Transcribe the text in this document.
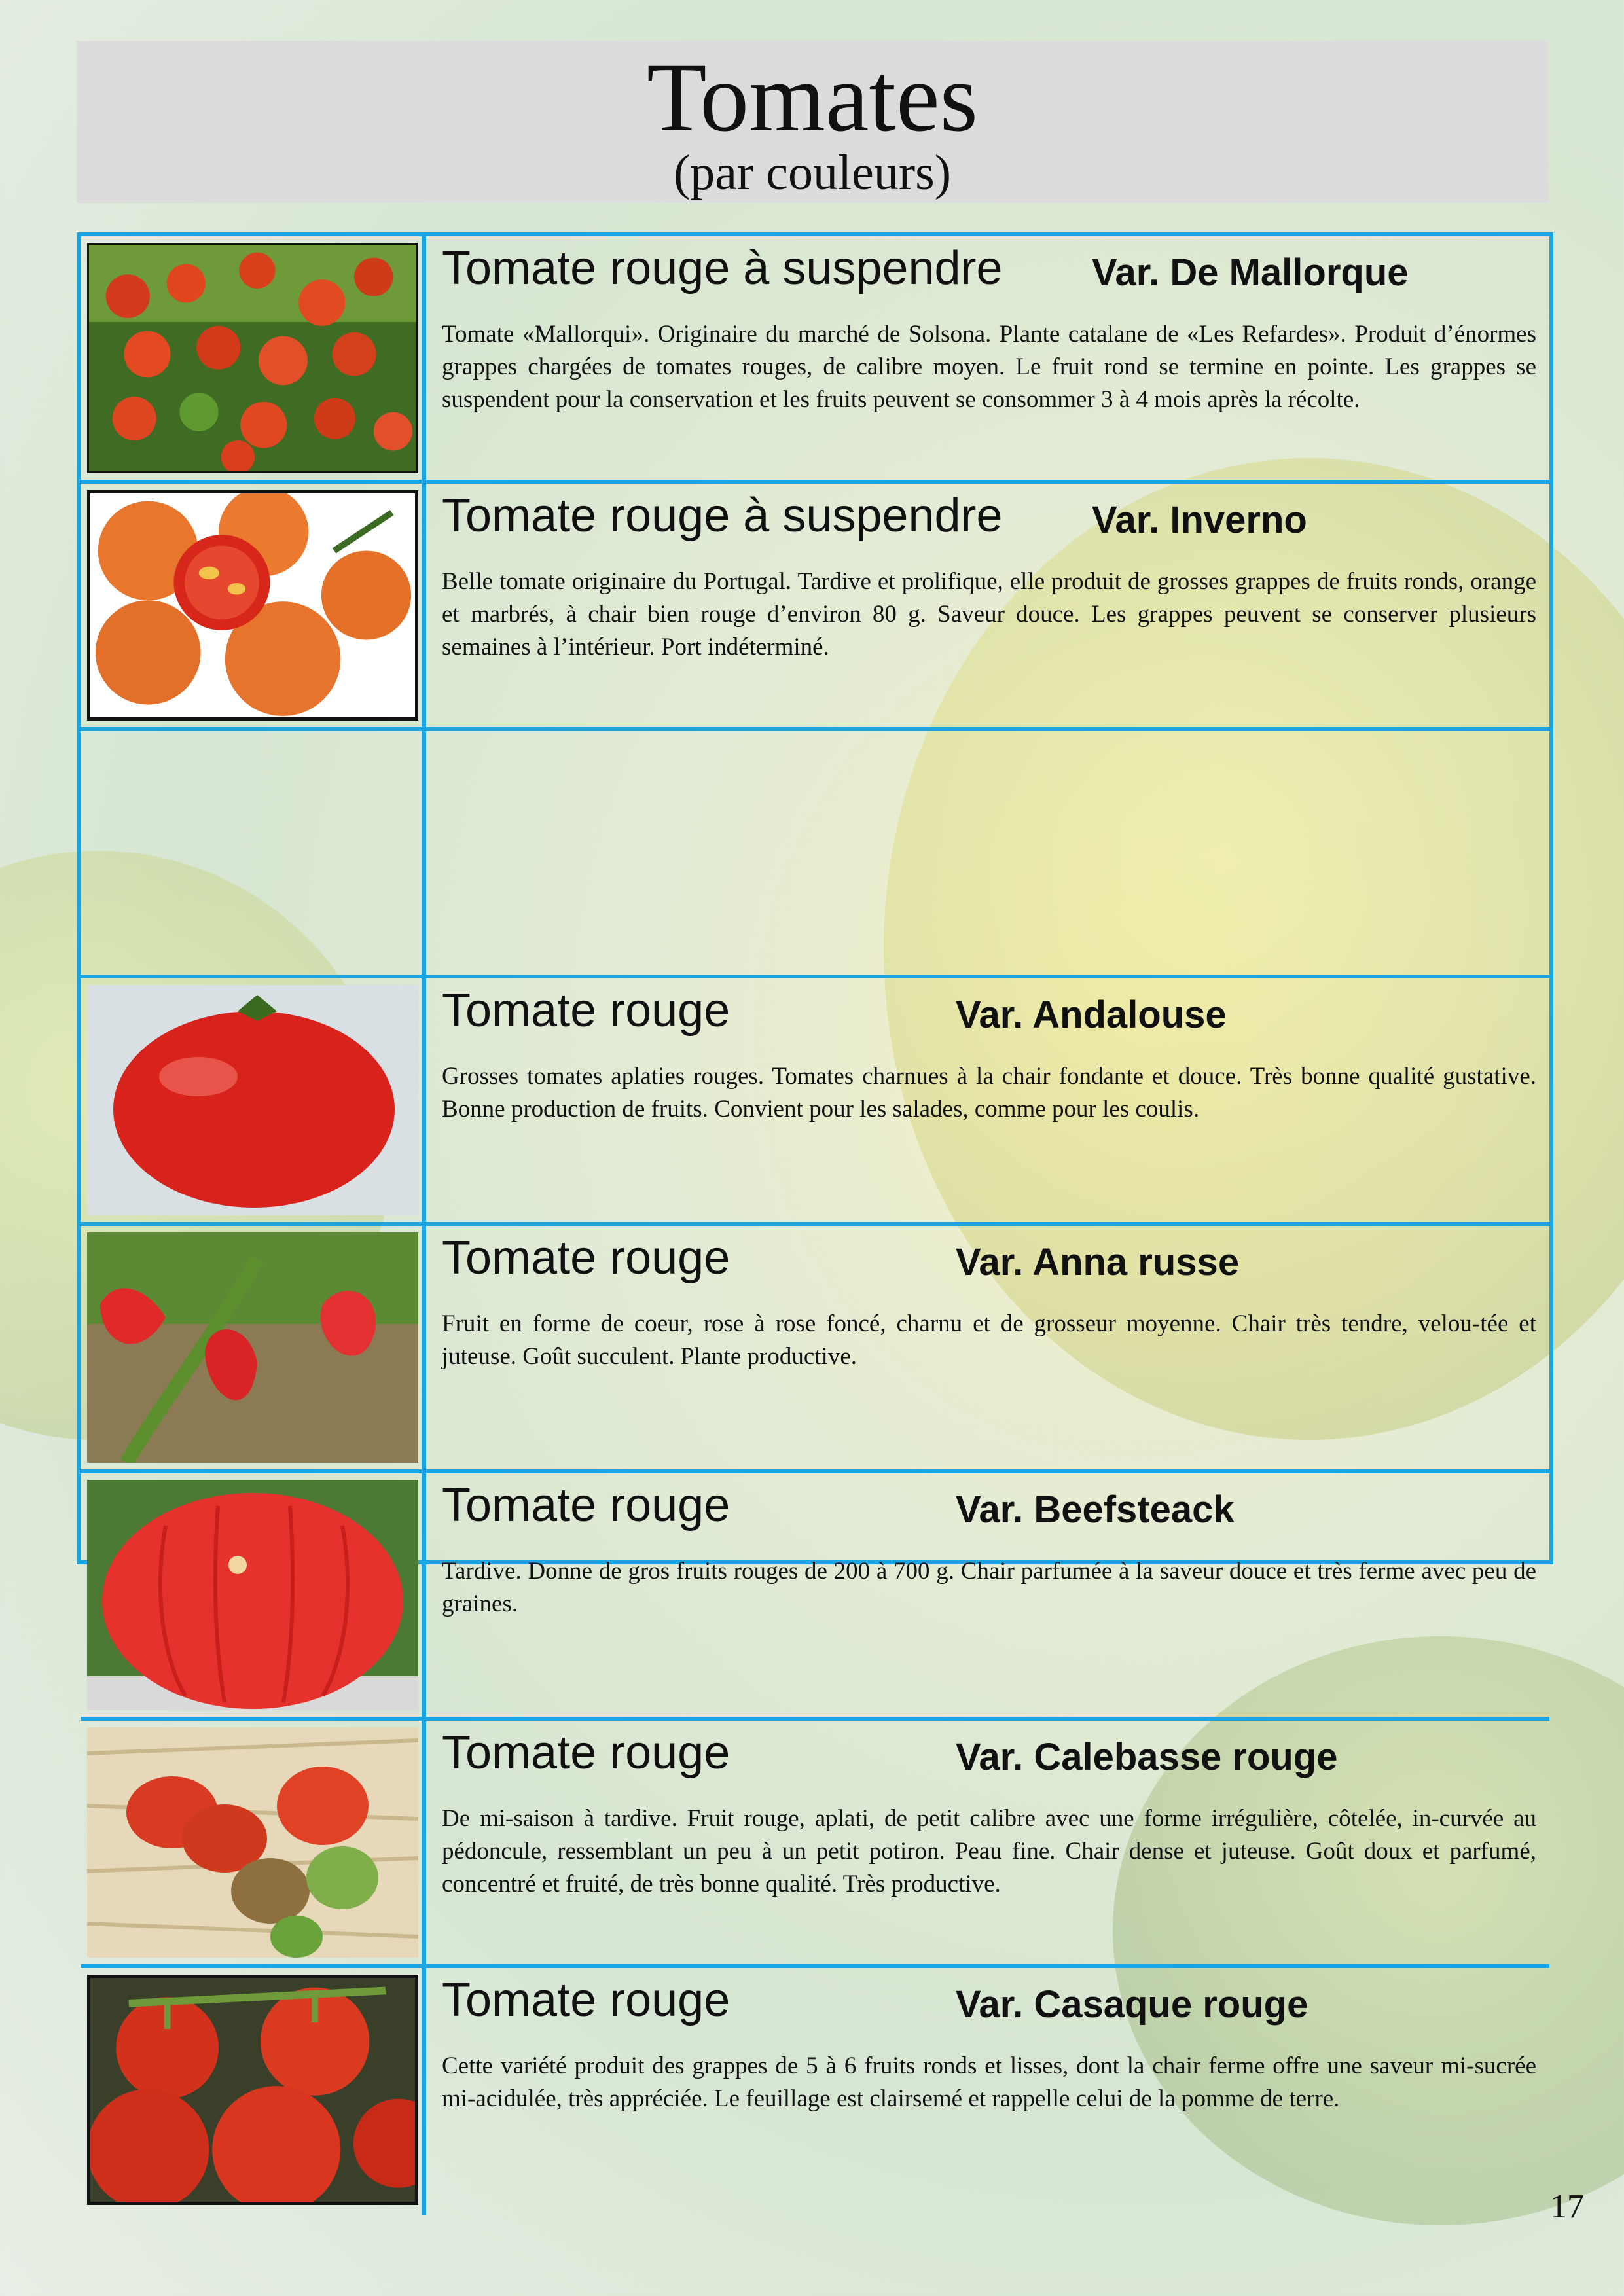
Tomates
(par couleurs)
Tomate rouge à suspendre Var. De Mallorque
Tomate «Mallorqui». Originaire du marché de Solsona. Plante catalane de «Les Refardes». Produit d’énormes grappes chargées de tomates rouges, de calibre moyen. Le fruit rond se termine en pointe. Les grappes se suspendent pour la conservation et les fruits peuvent se consommer 3 à 4 mois après la récolte.
Tomate rouge à suspendre Var. Inverno
Belle tomate originaire du Portugal. Tardive et prolifique, elle produit de grosses grappes de fruits ronds, orange et marbrés, à chair bien rouge d’environ 80 g. Saveur douce. Les grappes peuvent se conserver plusieurs semaines à l’intérieur. Port indéterminé.
Tomate rouge	Var. Andalouse
Grosses tomates aplaties rouges. Tomates charnues à la chair fondante et douce. Très bonne qualité gustative. Bonne production de fruits. Convient pour les salades, comme pour les coulis.
Tomate rouge	Var. Anna russe
Fruit en forme de coeur, rose à rose foncé, charnu et de grosseur moyenne. Chair très tendre, velou-tée et juteuse. Goût succulent. Plante productive.
Tomate rouge	Var. Beefsteack
Tardive. Donne de gros fruits rouges de 200 à 700 g. Chair parfumée à la saveur douce et très ferme avec peu de graines.
Tomate rouge	Var. Calebasse rouge
De mi-saison à tardive. Fruit rouge, aplati, de petit calibre avec une forme irrégulière, côtelée, in-curvée au pédoncule, ressemblant un peu à un petit potiron. Peau fine. Chair dense et juteuse. Goût doux et parfumé, concentré et fruité, de très bonne qualité. Très productive.
Tomate rouge	Var. Casaque rouge
Cette variété produit des grappes de 5 à 6 fruits ronds et lisses, dont la chair ferme offre une saveur mi-sucrée mi-acidulée, très appréciée. Le feuillage est clairsemé et rappelle celui de la pomme de terre.
17
